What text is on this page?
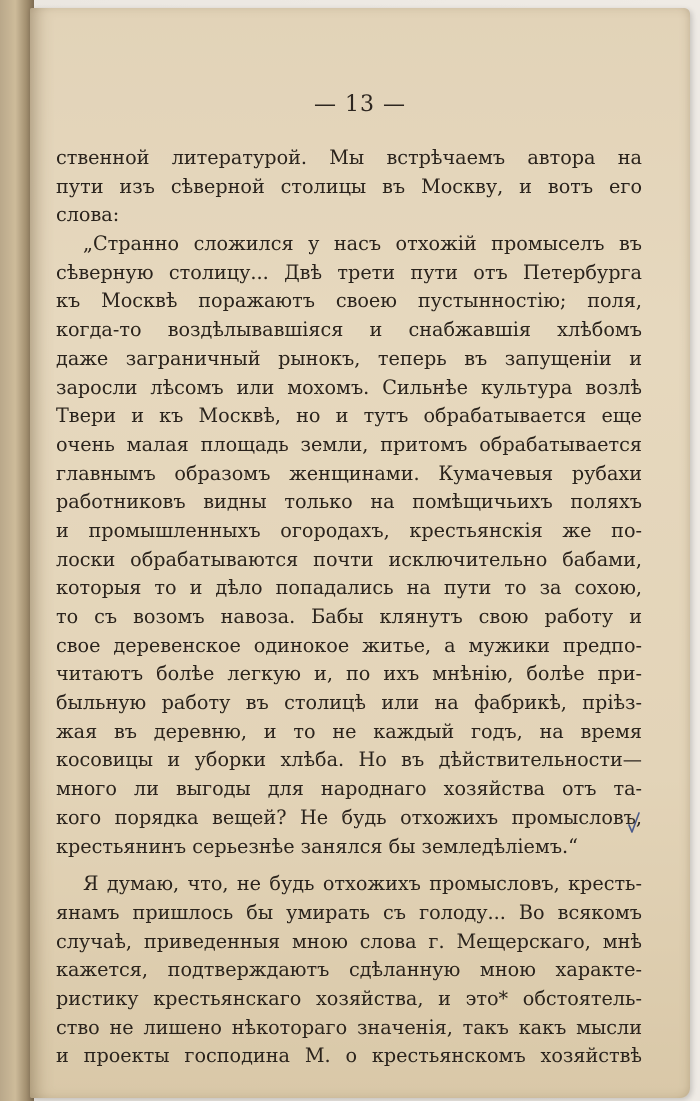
— 13 —
ственной литературой. Мы встрѣчаемъ автора на
пути изъ сѣверной столицы въ Москву, и вотъ его
слова:
„Странно сложился у насъ отхожій промыселъ въ
сѣверную столицу... Двѣ трети пути отъ Петербурга
къ Москвѣ поражаютъ своею пустынностію; поля,
когда-то воздѣлывавшіяся и снабжавшія хлѣбомъ
даже заграничный рынокъ, теперь въ запущеніи и
заросли лѣсомъ или мохомъ. Сильнѣе культура возлѣ
Твери и къ Москвѣ, но и тутъ обрабатывается еще
очень малая площадь земли, притомъ обрабатывается
главнымъ образомъ женщинами. Кумачевыя рубахи
работниковъ видны только на помѣщичьихъ поляхъ
и промышленныхъ огородахъ, крестьянскія же по-
лоски обрабатываются почти исключительно бабами,
которыя то и дѣло попадались на пути то за сохою,
то съ возомъ навоза. Бабы клянутъ свою работу и
свое деревенское одинокое житье, а мужики предпо-
читаютъ болѣе легкую и, по ихъ мнѣнію, болѣе при-
быльную работу въ столицѣ или на фабрикѣ, пріѣз-
жая въ деревню, и то не каждый годъ, на время
косовицы и уборки хлѣба. Но въ дѣйствительности—
много ли выгоды для народнаго хозяйства отъ та-
кого порядка вещей? Не будь отхожихъ промысловъ,
крестьянинъ серьезнѣе занялся бы земледѣліемъ.“
Я думаю, что, не будь отхожихъ промысловъ, кресть-
янамъ пришлось бы умирать съ голоду... Во всякомъ
случаѣ, приведенныя мною слова г. Мещерскаго, мнѣ
кажется, подтверждаютъ сдѣланную мною характе-
ристику крестьянскаго хозяйства, и это* обстоятель-
ство не лишено нѣкотораго значенія, такъ какъ мысли
и проекты господина М. о крестьянскомъ хозяйствѣ
